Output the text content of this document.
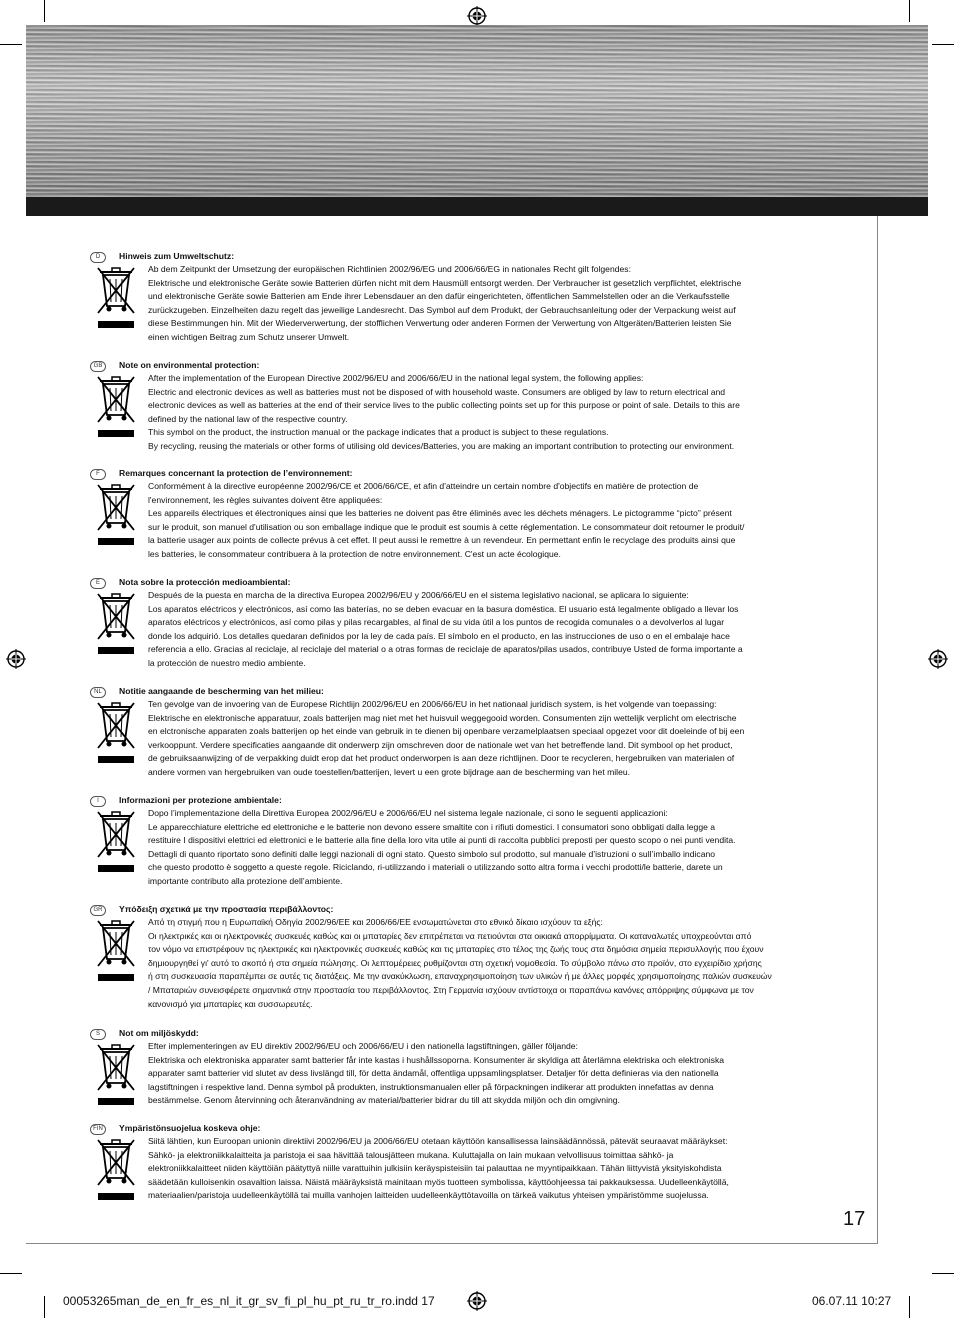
D	Hinweis zum Umweltschutz:
Ab dem Zeitpunkt der Umsetzung der europäischen Richtlinien 2002/96/EG und 2006/66/EG in nationales Recht gilt folgendes:
Elektrische und elektronische Geräte sowie Batterien dürfen nicht mit dem Hausmüll entsorgt werden. Der Verbraucher ist gesetzlich verpflichtet, elektrische
und elektronische Geräte sowie Batterien am Ende ihrer Lebensdauer an den dafür eingerichteten, öffentlichen Sammelstellen oder an die Verkaufsstelle
zurückzugeben. Einzelheiten dazu regelt das jeweilige Landesrecht. Das Symbol auf dem Produkt, der Gebrauchsanleitung oder der Verpackung weist auf
diese Bestimmungen hin. Mit der Wiederverwertung, der stofflichen Verwertung oder anderen Formen der Verwertung von Altgeräten/Batterien leisten Sie
einen wichtigen Beitrag zum Schutz unserer Umwelt.
GB	Note on environmental protection:
After the implementation of the European Directive 2002/96/EU and 2006/66/EU in the national legal system, the following applies:
Electric and electronic devices as well as batteries must not be disposed of with household waste. Consumers are obliged by law to return electrical and
electronic devices as well as batteries at the end of their service lives to the public collecting points set up for this purpose or point of sale. Details to this are
defined by the national law of the respective country.
This symbol on the product, the instruction manual or the package indicates that a product is subject to these regulations.
By recycling, reusing the materials or other forms of utilising old devices/Batteries, you are making an important contribution to protecting our environment.
F	Remarques concernant la protection de l’environnement:
Conformément à la directive européenne 2002/96/CE et 2006/66/CE, et afin d'atteindre un certain nombre d'objectifs en matière de protection de
l'environnement, les règles suivantes doivent être appliquées:
Les appareils électriques et électroniques ainsi que les batteries ne doivent pas être éliminés avec les déchets ménagers. Le pictogramme “picto” présent
sur le produit, son manuel d'utilisation ou son emballage indique que le produit est soumis à cette réglementation. Le consommateur doit retourner le produit/
la batterie usager aux points de collecte prévus à cet effet. Il peut aussi le remettre à un revendeur. En permettant enfin le recyclage des produits ainsi que
les batteries, le consommateur contribuera à la protection de notre environnement. C'est un acte écologique.
E	Nota sobre la protección medioambiental:
Después de la puesta en marcha de la directiva Europea 2002/96/EU y 2006/66/EU en el sistema legislativo nacional, se aplicara lo siguiente:
Los aparatos eléctricos y electrónicos, así como las baterías, no se deben evacuar en la basura doméstica. El usuario está legalmente obligado a llevar los
aparatos eléctricos y electrónicos, así como pilas y pilas recargables, al final de su vida útil a los puntos de recogida comunales o a devolverlos al lugar
donde los adquirió. Los detalles quedaran definidos por la ley de cada país. El símbolo en el producto, en las instrucciones de uso o en el embalaje hace
referencia a ello. Gracias al reciclaje, al reciclaje del material o a otras formas de reciclaje de aparatos/pilas usados, contribuye Usted de forma importante a
la protección de nuestro medio ambiente.
NL	Notitie aangaande de bescherming van het milieu:
Ten gevolge van de invoering van de Europese Richtlijn 2002/96/EU en 2006/66/EU in het nationaal juridisch system, is het volgende van toepassing:
Elektrische en elektronische apparatuur, zoals batterijen mag niet met het huisvuil weggegooid worden. Consumenten zijn wettelijk verplicht om electrische
en elctronische apparaten zoals batterijen op het einde van gebruik in te dienen bij openbare verzamelplaatsen speciaal opgezet voor dit doeleinde of bij een
verkooppunt. Verdere specificaties aangaande dit onderwerp zijn omschreven door de nationale wet van het betreffende land. Dit symbool op het product,
de gebruiksaanwijzing of de verpakking duidt erop dat het product onderworpen is aan deze richtlijnen. Door te recycleren, hergebruiken van materialen of
andere vormen van hergebruiken van oude toestellen/batterijen, levert u een grote bijdrage aan de bescherming van het mileu.
I	Informazioni per protezione ambientale:
Dopo l’implementazione della Direttiva Europea 2002/96/EU e 2006/66/EU nel sistema legale nazionale, ci sono le seguenti applicazioni:
Le apparecchiature elettriche ed elettroniche e le batterie non devono essere smaltite con i rifiuti domestici. I consumatori sono obbligati dalla legge a
restituire I dispositivi elettrici ed elettronici e le batterie alla fine della loro vita utile ai punti di raccolta pubblici preposti per questo scopo o nei punti vendita.
Dettagli di quanto riportato sono definiti dalle leggi nazionali di ogni stato. Questo simbolo sul prodotto, sul manuale d’istruzioni o sull’imballo indicano
che questo prodotto è soggetto a queste regole. Riciclando, ri-utilizzando i materiali o utilizzando sotto altra forma i vecchi prodotti/le batterie, darete un
importante contributo alla protezione dell’ambiente.
GR	Υπόδειξη σχετικά με την προστασία περιβάλλοντος:
Από τη στιγμή που η Ευρωπαϊκή Οδηγία 2002/96/EE και 2006/66/EE ενσωματώνεται στο εθνικό δίκαιο ισχύουν τα εξής:
Οι ηλεκτρικές και οι ηλεκτρονικές συσκευές καθώς και οι μπαταρίες δεν επιτρέπεται να πετιούνται στα οικιακά απορρίμματα. Οι καταναλωτές υποχρεούνται από
τον νόμο να επιστρέφουν τις ηλεκτρικές και ηλεκτρονικές συσκευές καθώς και τις μπαταρίες στο τέλος της ζωής τους στα δημόσια σημεία περισυλλογής που έχουν
δημιουργηθεί γι' αυτό το σκοπό ή στα σημεία πώλησης. Οι λεπτομέρειες ρυθμίζονται στη σχετική νομοθεσία. Το σύμβολο πάνω στο προϊόν, στο εγχειρίδιο χρήσης
ή στη συσκευασία παραπέμπει σε αυτές τις διατάξεις. Με την ανακύκλωση, επαναχρησιμοποίηση των υλικών ή με άλλες μορφές χρησιμοποίησης παλιών συσκευών
/ Μπαταριών συνεισφέρετε σημαντικά στην προστασία του περιβάλλοντος. Στη Γερμανία ισχύουν αντίστοιχα οι παραπάνω κανόνες απόρριψης σύμφωνα με τον
κανονισμό για μπαταρίες και συσσωρευτές.
S	Not om miljöskydd:
Efter implementeringen av EU direktiv 2002/96/EU och 2006/66/EU i den nationella lagstiftningen, gäller följande:
Elektriska och elektroniska apparater samt batterier får inte kastas i hushållssoporna. Konsumenter är skyldiga att återlämna elektriska och elektroniska
apparater samt batterier vid slutet av dess livslängd till, för detta ändamål, offentliga uppsamlingsplatser. Detaljer för detta definieras via den nationella
lagstiftningen i respektive land. Denna symbol på produkten, instruktionsmanualen eller på förpackningen indikerar att produkten innefattas av denna
bestämmelse. Genom återvinning och återanvändning av material/batterier bidrar du till att skydda miljön och din omgivning.
FIN	Ympäristönsuojelua koskeva ohje:
Siitä lähtien, kun Euroopan unionin direktiivi 2002/96/EU ja 2006/66/EU otetaan käyttöön kansallisessa lainsäädännössä, pätevät seuraavat määräykset:
Sähkö- ja elektroniikkalaitteita ja paristoja ei saa hävittää talousjätteen mukana. Kuluttajalla on lain mukaan velvollisuus toimittaa sähkö- ja
elektroniikkalaitteet niiden käyttöiän päätyttyä niille varattuihin julkisiin keräyspisteisiin tai palauttaa ne myyntipaikkaan. Tähän liittyvistä yksityiskohdista
säädetään kulloisenkin osavaltion laissa. Näistä määräyksistä mainitaan myös tuotteen symbolissa, käyttöohjeessa tai pakkauksessa. Uudelleenkäytöllä,
materiaalien/paristoja uudelleenkäytöllä tai muilla vanhojen laitteiden uudelleenkäyttötavoilla on tärkeä vaikutus yhteisen ympäristömme suojelussa.
17
00053265man_de_en_fr_es_nl_it_gr_sv_fi_pl_hu_pt_ru_tr_ro.indd 17	06.07.11 10:27
